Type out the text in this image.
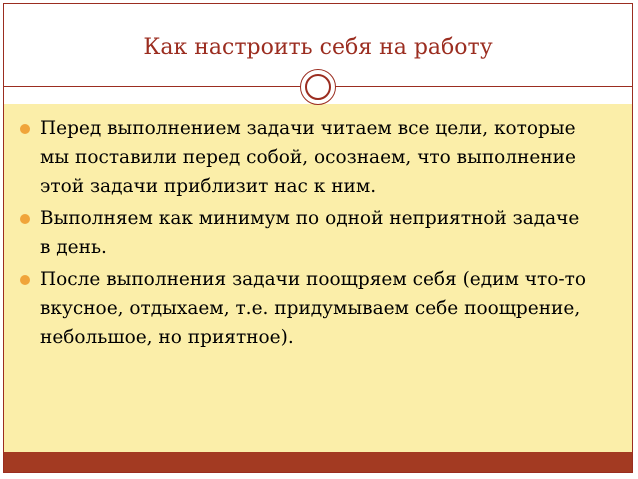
Как настроить себя на работу
Перед выполнением задачи читаем все цели, которые мы поставили перед собой, осознаем, что выполнение этой задачи приблизит нас к ним.
Выполняем как минимум по одной неприятной задаче в день.
После выполнения задачи поощряем себя (едим что-то вкусное, отдыхаем, т.е. придумываем себе поощрение, небольшое, но приятное).
